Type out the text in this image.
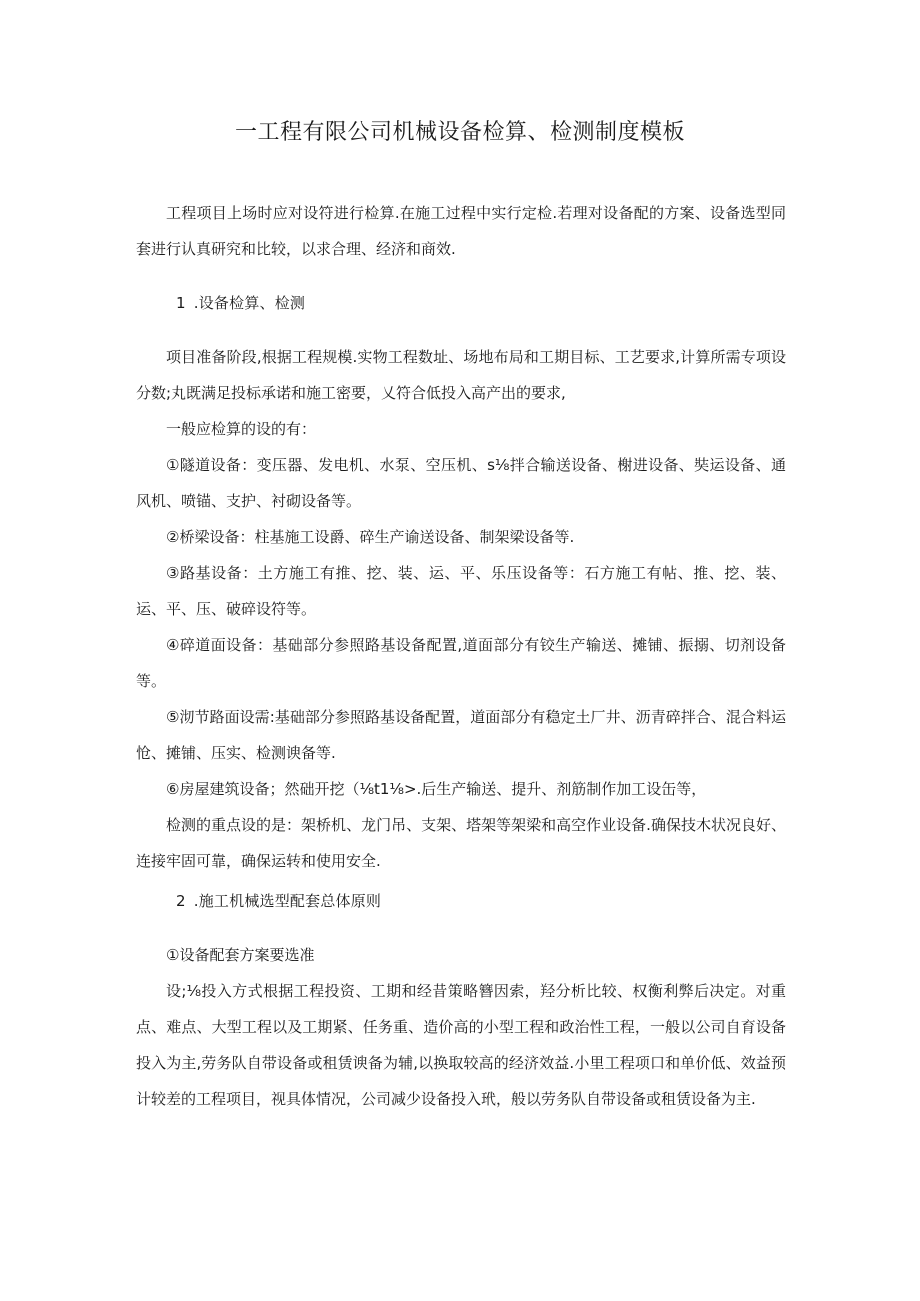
一工程有限公司机械设备检算、检测制度模板

工程项目上场时应对设符进行检算.在施工过程中实行定检.若理对设备配的方案、设备选型同套进行认真研究和比较，以求合理、经济和商效.

1 .设备检算、检测

项目准备阶段,根据工程规模.实物工程数址、场地布局和工期目标、工艺要求,计算所需专项设分数;丸既满足投标承诺和施工密要，乂符合低投入高产出的要求,

一般应检算的设的有：

①隧道设备：变压器、发电机、水泵、空压机、s⅛拌合输送设备、榭进设备、奘运设备、通风机、喷锚、支护、衬砌设备等。

②桥梁设备：柱基施工设爵、碎生产谕送设备、制架梁设备等.

③路基设备：土方施工有推、挖、装、运、平、乐压设备等：石方施工有帖、推、挖、装、运、平、压、破碎设符等。

④碎道面设备：基础部分参照路基设备配置,道面部分有铰生产输送、摊铺、振搦、切剂设备等。

⑤沏节路面设需:基础部分参照路基设备配置，道面部分有稳定土厂井、沥青碎拌合、混合料运怆、摊铺、压实、检测谀备等.

⑥房屋建筑设备；然础开挖（⅛t1⅛>.后生产输送、提升、剂筋制作加工设缶等，

检测的重点设的是：架桥机、龙门吊、支架、塔架等架梁和高空作业设备.确保技木状况良好、连接牢固可靠，确保运转和使用安全.

2 .施工机械选型配套总体原则

①设备配套方案要选准

设;⅛投入方式根据工程投资、工期和经昔策略簪因索，羟分析比较、权衡利弊后决定。对重点、难点、大型工程以及工期紧、任务重、造价高的小型工程和政治性工程，一般以公司自育设备投入为主,劳务队自带设备或租赁谀备为辅,以换取较高的经济效益.小里工程项口和单价低、效益预计较差的工程项目，视具体情况，公司减少设备投入玳，般以劳务队自带设备或租赁设备为主.
